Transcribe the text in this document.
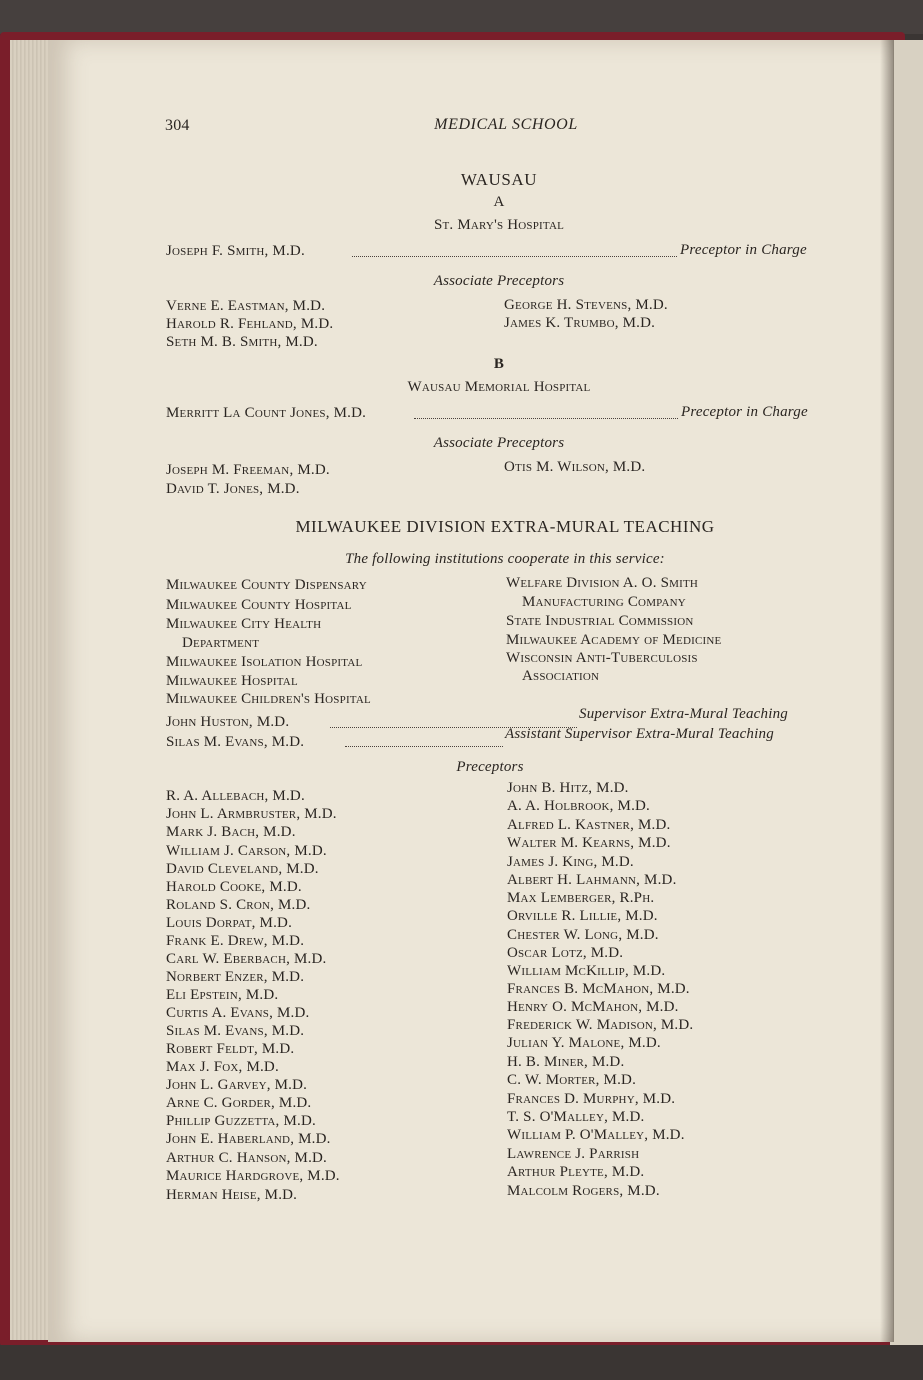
304	MEDICAL SCHOOL
WAUSAU
A
St. Mary's Hospital
Joseph F. Smith, M.D.	Preceptor in Charge
Associate Preceptors
Verne E. Eastman, M.D.
Harold R. Fehland, M.D.
Seth M. B. Smith, M.D.
George H. Stevens, M.D.
James K. Trumbo, M.D.
B
Wausau Memorial Hospital
Merritt La Count Jones, M.D.	Preceptor in Charge
Associate Preceptors
Joseph M. Freeman, M.D.
David T. Jones, M.D.
Otis M. Wilson, M.D.
MILWAUKEE DIVISION EXTRA-MURAL TEACHING
The following institutions cooperate in this service:
Milwaukee County Dispensary
Milwaukee County Hospital
Milwaukee City Health
Department
Milwaukee Isolation Hospital
Milwaukee Hospital
Milwaukee Children's Hospital
Welfare Division A. O. Smith
Manufacturing Company
State Industrial Commission
Milwaukee Academy of Medicine
Wisconsin Anti-Tuberculosis
Association
John Huston, M.D.	Supervisor Extra-Mural Teaching
Silas M. Evans, M.D.	Assistant Supervisor Extra-Mural Teaching
Preceptors
R. A. Allebach, M.D.
John L. Armbruster, M.D.
Mark J. Bach, M.D.
William J. Carson, M.D.
David Cleveland, M.D.
Harold Cooke, M.D.
Roland S. Cron, M.D.
Louis Dorpat, M.D.
Frank E. Drew, M.D.
Carl W. Eberbach, M.D.
Norbert Enzer, M.D.
Eli Epstein, M.D.
Curtis A. Evans, M.D.
Silas M. Evans, M.D.
Robert Feldt, M.D.
Max J. Fox, M.D.
John L. Garvey, M.D.
Arne C. Gorder, M.D.
Phillip Guzzetta, M.D.
John E. Haberland, M.D.
Arthur C. Hanson, M.D.
Maurice Hardgrove, M.D.
Herman Heise, M.D.
John B. Hitz, M.D.
A. A. Holbrook, M.D.
Alfred L. Kastner, M.D.
Walter M. Kearns, M.D.
James J. King, M.D.
Albert H. Lahmann, M.D.
Max Lemberger, R.Ph.
Orville R. Lillie, M.D.
Chester W. Long, M.D.
Oscar Lotz, M.D.
William McKillip, M.D.
Frances B. McMahon, M.D.
Henry O. McMahon, M.D.
Frederick W. Madison, M.D.
Julian Y. Malone, M.D.
H. B. Miner, M.D.
C. W. Morter, M.D.
Frances D. Murphy, M.D.
T. S. O'Malley, M.D.
William P. O'Malley, M.D.
Lawrence J. Parrish
Arthur Pleyte, M.D.
Malcolm Rogers, M.D.
